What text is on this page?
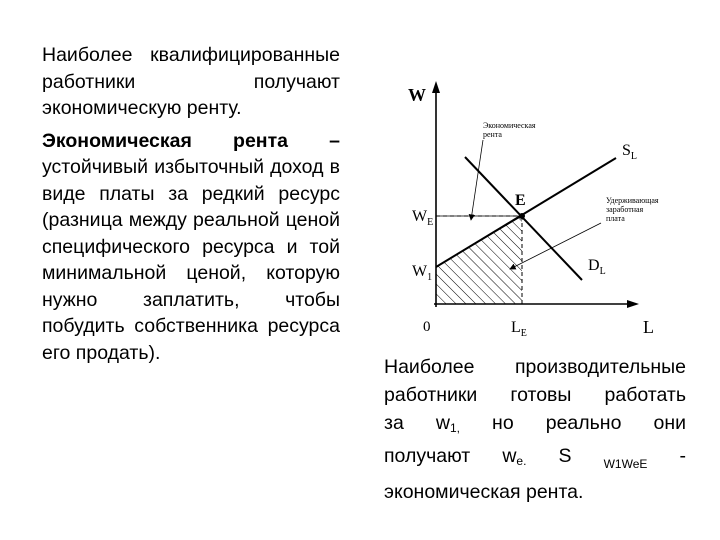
Наиболее квалифицированные работники получают экономическую ренту.

Экономическая рента – устойчивый избыточный доход в виде платы за редкий ресурс (разница между реальной ценой специфического ресурса и той минимальной ценой, которую нужно заплатить, чтобы побудить собственника ресурса его продать).

W
L
0
$W_E$
$W_1$
$L_E$
E
$S_L$
$D_L$
Экономическая
рента
Удерживающая
заработная
плата

Наиболее производительные

работники готовы работать

за $w_{1,}$ но реально они

получают $w_{e.}$ S	$_{W1WeE}$ -

экономическая рента.
